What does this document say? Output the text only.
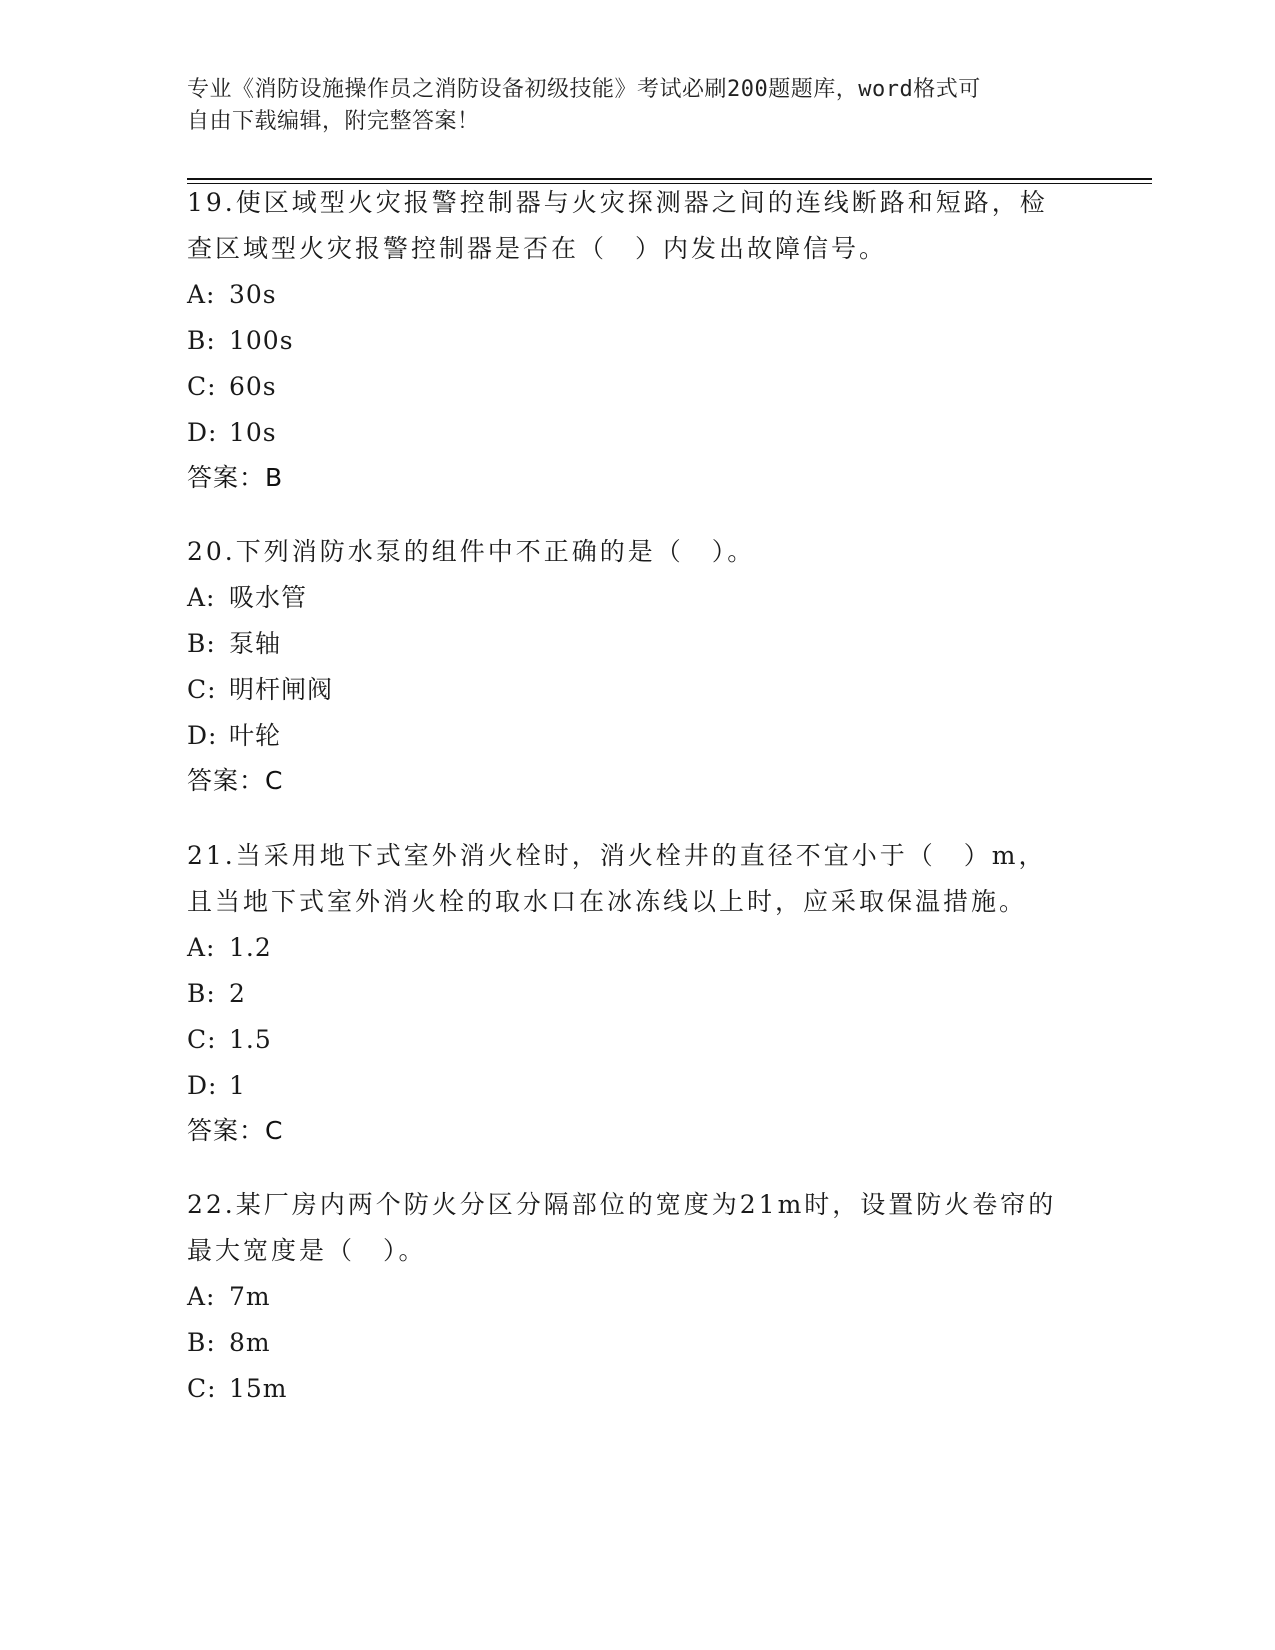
专业《消防设施操作员之消防设备初级技能》考试必刷200题题库，word格式可
自由下载编辑，附完整答案！

19.使区域型火灾报警控制器与火灾探测器之间的连线断路和短路，检

查区域型火灾报警控制器是否在（　）内发出故障信号。

A: 30s

B: 100s

C: 60s

D: 10s

答案：B

20.下列消防水泵的组件中不正确的是（　）。

A: 吸水管

B: 泵轴

C: 明杆闸阀

D: 叶轮

答案：C

21.当采用地下式室外消火栓时，消火栓井的直径不宜小于（　）m，

且当地下式室外消火栓的取水口在冰冻线以上时，应采取保温措施。

A: 1.2

B: 2

C: 1.5

D: 1

答案：C

22.某厂房内两个防火分区分隔部位的宽度为21m时，设置防火卷帘的

最大宽度是（　）。

A: 7m

B: 8m

C: 15m
